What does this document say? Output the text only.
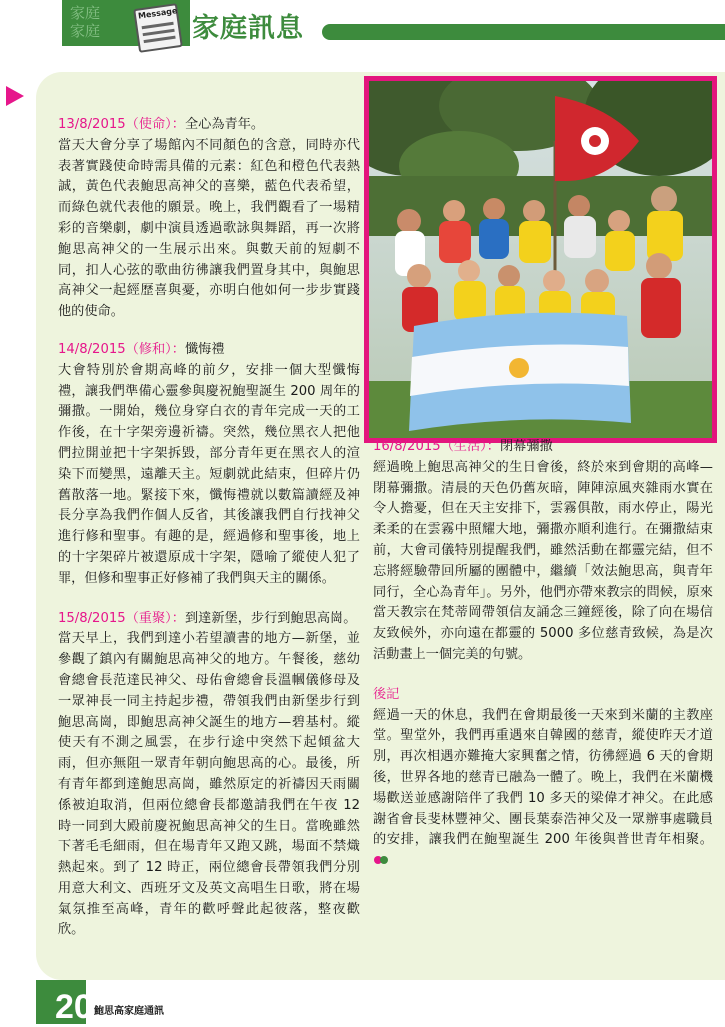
家庭
家庭
Message 家庭訊息
13/8/2015（使命）：全心為青年。
當天大會分享了場館內不同顏色的含意，同時亦代表著實踐使命時需具備的元素：紅色和橙色代表熱誠，黃色代表鮑思高神父的喜樂，藍色代表希望，而綠色就代表他的願景。晚上，我們觀看了一場精彩的音樂劇，劇中演員透過歌詠與舞蹈，再一次將鮑思高神父的一生展示出來。與數天前的短劇不同，扣人心弦的歌曲彷彿讓我們置身其中，與鮑思高神父一起經歷喜與憂，亦明白他如何一步步實踐他的使命。
14/8/2015（修和）：懺悔禮
大會特別於會期高峰的前夕，安排一個大型懺悔禮，讓我們準備心靈參與慶祝鮑聖誕生 200 周年的彌撒。一開始，幾位身穿白衣的青年完成一天的工作後，在十字架旁邊祈禱。突然，幾位黑衣人把他們拉開並把十字架拆毀，部分青年更在黑衣人的渲染下而變黑，遠離天主。短劇就此結束，但碎片仍舊散落一地。緊接下來，懺悔禮就以數篇讀經及神長分享為我們作個人反省，其後讓我們自行找神父進行修和聖事。有趣的是，經過修和聖事後，地上的十字架碎片被還原成十字架，隱喻了縱使人犯了罪，但修和聖事正好修補了我們與天主的關係。
15/8/2015（重聚）：到達新堡，步行到鮑思高崗。
當天早上，我們到達小若望讀書的地方—新堡，並參觀了鎮內有關鮑思高神父的地方。午餐後，慈幼會總會長范達民神父、母佑會總會長溫幗儀修母及一眾神長一同主持起步禮，帶領我們由新堡步行到鮑思高崗，即鮑思高神父誕生的地方—碧基村。縱使天有不測之風雲，在步行途中突然下起傾盆大雨，但亦無阻一眾青年朝向鮑思高的心。最後，所有青年都到達鮑思高崗，雖然原定的祈禱因天雨關係被迫取消，但兩位總會長都邀請我們在午夜 12 時一同到大殿前慶祝鮑思高神父的生日。當晚雖然下著毛毛細雨，但在場青年又跑又跳，場面不禁熾熱起來。到了 12 時正，兩位總會長帶領我們分別用意大利文、西班牙文及英文高唱生日歌，將在場氣氛推至高峰，青年的歡呼聲此起彼落，整夜歡欣。
16/8/2015（生活）：閉幕彌撒
經過晚上鮑思高神父的生日會後，終於來到會期的高峰—閉幕彌撒。清晨的天色仍舊灰暗，陣陣涼風夾雜雨水實在令人擔憂，但在天主安排下，雲霧俱散，雨水停止，陽光柔柔的在雲霧中照耀大地，彌撒亦順利進行。在彌撒結束前，大會司儀特別提醒我們，雖然活動在都靈完結，但不忘將經驗帶回所屬的團體中，繼續「效法鮑思高，與青年同行，全心為青年」。另外，他們亦帶來教宗的問候，原來當天教宗在梵蒂岡帶領信友誦念三鐘經後，除了向在場信友致候外，亦向遠在都靈的 5000 多位慈青致候，為是次活動畫上一個完美的句號。
後記
經過一天的休息，我們在會期最後一天來到米蘭的主教座堂。聖堂外，我們再重遇來自韓國的慈青，縱使昨天才道別，再次相遇亦難掩大家興奮之情，彷彿經過 6 天的會期後，世界各地的慈青已融為一體了。晚上，我們在米蘭機場歡送並感謝陪伴了我們 10 多天的梁偉才神父。在此感謝省會長斐林豐神父、團長葉泰浩神父及一眾辦事處職員的安排，讓我們在鮑聖誕生 200 年後與普世青年相聚。
20 鮑思高家庭通訊
